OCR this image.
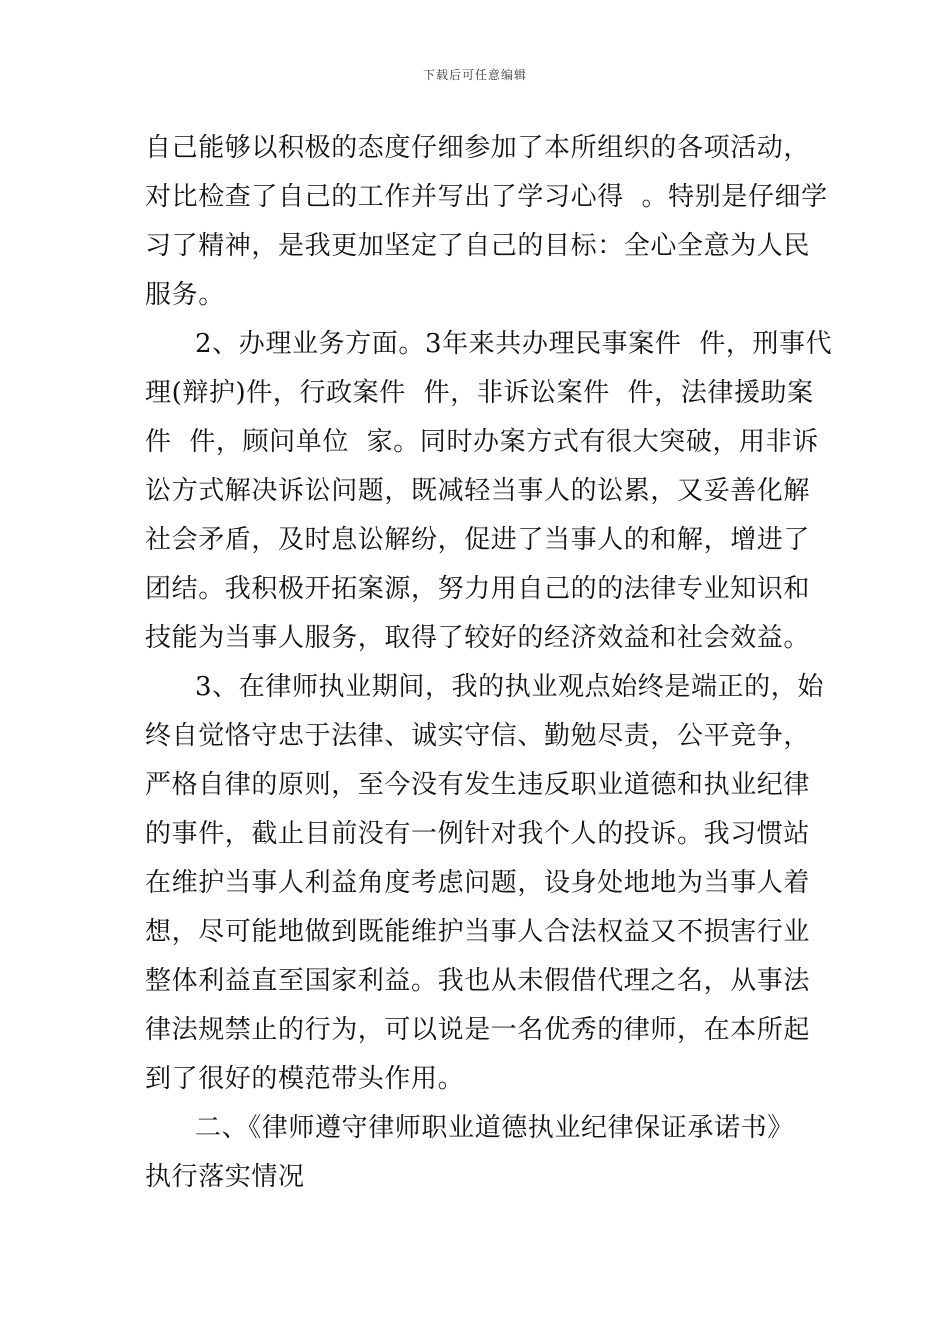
下载后可任意编辑
自己能够以积极的态度仔细参加了本所组织的各项活动，
对比检查了自己的工作并写出了学习心得  。特别是仔细学
习了精神，是我更加坚定了自己的目标：全心全意为人民
服务。
2、办理业务方面。3年来共办理民事案件  件，刑事代
理(辩护)件，行政案件  件，非诉讼案件  件，法律援助案
件  件，顾问单位  家。同时办案方式有很大突破，用非诉
讼方式解决诉讼问题，既减轻当事人的讼累，又妥善化解
社会矛盾，及时息讼解纷，促进了当事人的和解，增进了
团结。我积极开拓案源，努力用自己的的法律专业知识和
技能为当事人服务，取得了较好的经济效益和社会效益。
3、在律师执业期间，我的执业观点始终是端正的，始
终自觉恪守忠于法律、诚实守信、勤勉尽责，公平竞争，
严格自律的原则，至今没有发生违反职业道德和执业纪律
的事件，截止目前没有一例针对我个人的投诉。我习惯站
在维护当事人利益角度考虑问题，设身处地地为当事人着
想，尽可能地做到既能维护当事人合法权益又不损害行业
整体利益直至国家利益。我也从未假借代理之名，从事法
律法规禁止的行为，可以说是一名优秀的律师，在本所起
到了很好的模范带头作用。
二、《律师遵守律师职业道德执业纪律保证承诺书》
执行落实情况
